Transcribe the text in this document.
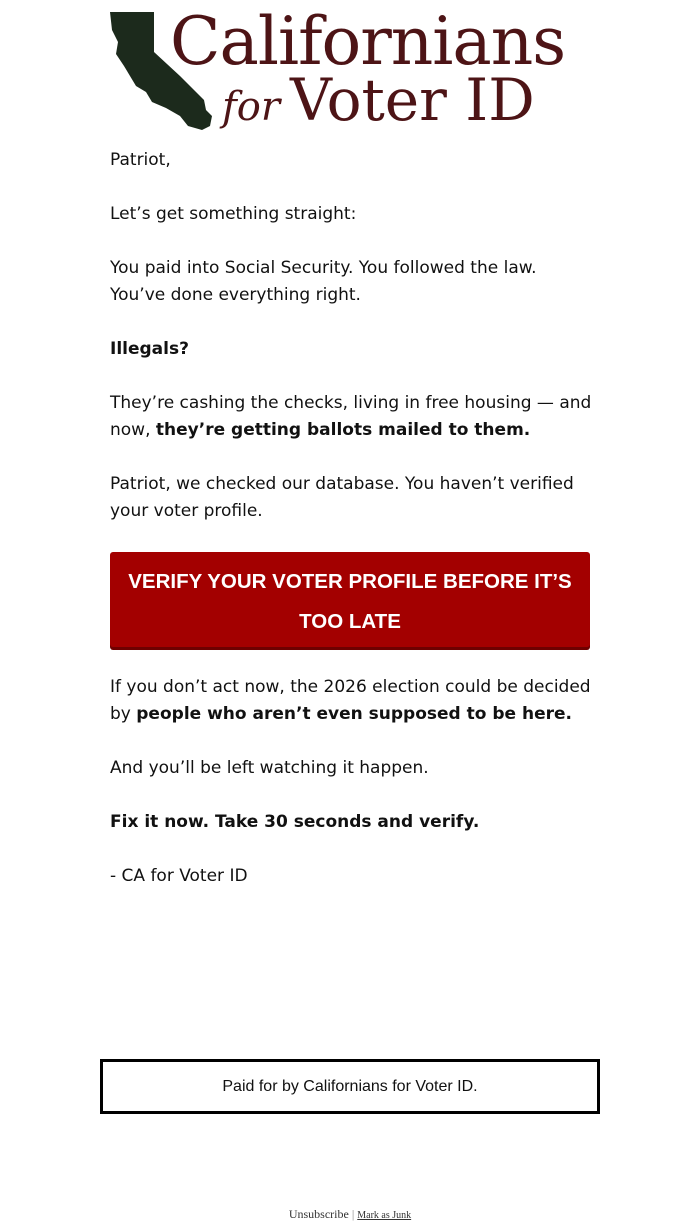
Californians
for Voter ID

Patriot,

Let’s get something straight:

You paid into Social Security. You followed the law. You’ve done everything right.

Illegals?

They’re cashing the checks, living in free housing — and now, they’re getting ballots mailed to them.

Patriot, we checked our database. You haven’t verified your voter profile.

VERIFY YOUR VOTER PROFILE BEFORE IT’S TOO LATE

If you don’t act now, the 2026 election could be decided by people who aren’t even supposed to be here.

And you’ll be left watching it happen.

Fix it now. Take 30 seconds and verify.

- CA for Voter ID

Paid for by Californians for Voter ID.
Unsubscribe | Mark as Junk
